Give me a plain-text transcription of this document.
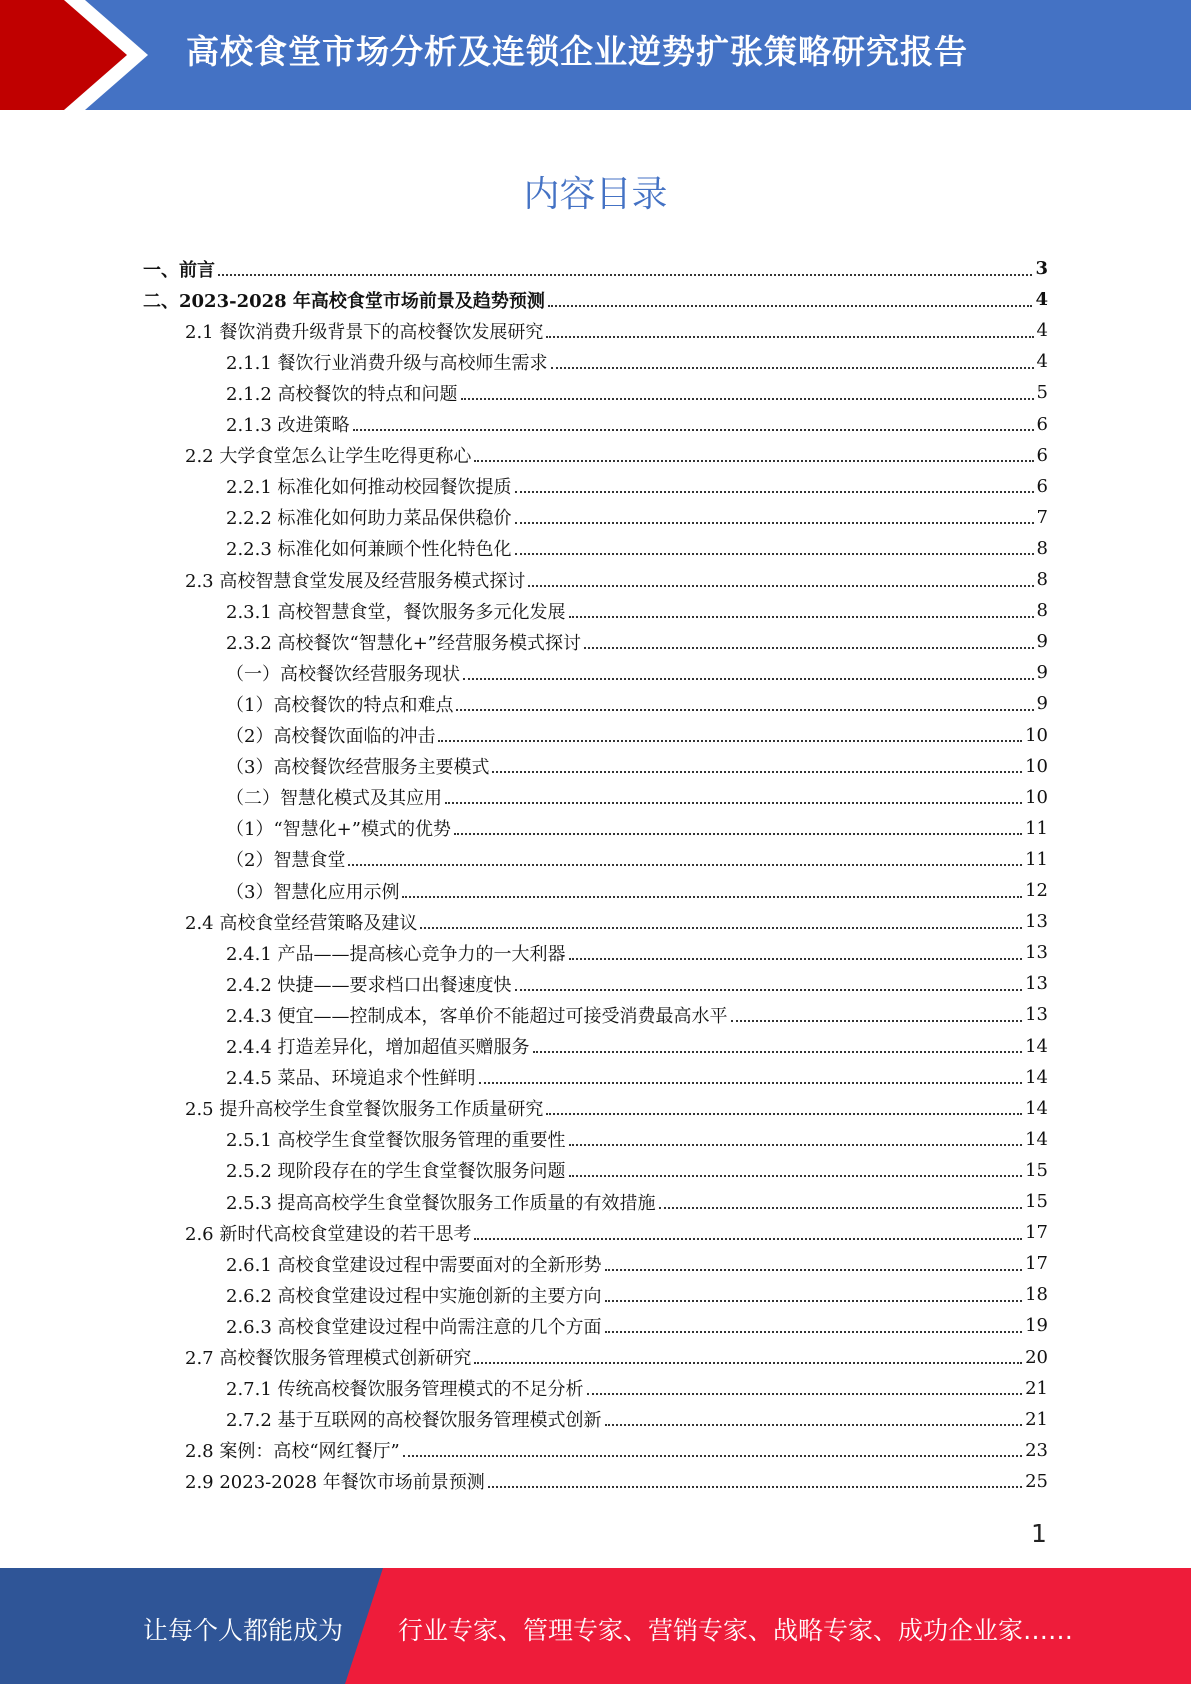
高校食堂市场分析及连锁企业逆势扩张策略研究报告
内容目录
一、前言	3
二、2023-2028 年高校食堂市场前景及趋势预测	4
2.1 餐饮消费升级背景下的高校餐饮发展研究	4
2.1.1 餐饮行业消费升级与高校师生需求	4
2.1.2 高校餐饮的特点和问题	5
2.1.3 改进策略	6
2.2 大学食堂怎么让学生吃得更称心	6
2.2.1 标准化如何推动校园餐饮提质	6
2.2.2 标准化如何助力菜品保供稳价	7
2.2.3 标准化如何兼顾个性化特色化	8
2.3 高校智慧食堂发展及经营服务模式探讨	8
2.3.1 高校智慧食堂，餐饮服务多元化发展	8
2.3.2 高校餐饮“智慧化+”经营服务模式探讨	9
（一）高校餐饮经营服务现状	9
（1）高校餐饮的特点和难点	9
（2）高校餐饮面临的冲击	10
（3）高校餐饮经营服务主要模式	10
（二）智慧化模式及其应用	10
（1）“智慧化+”模式的优势	11
（2）智慧食堂	11
（3）智慧化应用示例	12
2.4 高校食堂经营策略及建议	13
2.4.1 产品——提高核心竞争力的一大利器	13
2.4.2 快捷——要求档口出餐速度快	13
2.4.3 便宜——控制成本，客单价不能超过可接受消费最高水平	13
2.4.4 打造差异化，增加超值买赠服务	14
2.4.5 菜品、环境追求个性鲜明	14
2.5 提升高校学生食堂餐饮服务工作质量研究	14
2.5.1 高校学生食堂餐饮服务管理的重要性	14
2.5.2 现阶段存在的学生食堂餐饮服务问题	15
2.5.3 提高高校学生食堂餐饮服务工作质量的有效措施	15
2.6 新时代高校食堂建设的若干思考	17
2.6.1 高校食堂建设过程中需要面对的全新形势	17
2.6.2 高校食堂建设过程中实施创新的主要方向	18
2.6.3 高校食堂建设过程中尚需注意的几个方面	19
2.7 高校餐饮服务管理模式创新研究	20
2.7.1 传统高校餐饮服务管理模式的不足分析	21
2.7.2 基于互联网的高校餐饮服务管理模式创新	21
2.8 案例：高校“网红餐厅”	23
2.9 2023-2028 年餐饮市场前景预测	25
1
让每个人都能成为 行业专家、管理专家、营销专家、战略专家、成功企业家……
